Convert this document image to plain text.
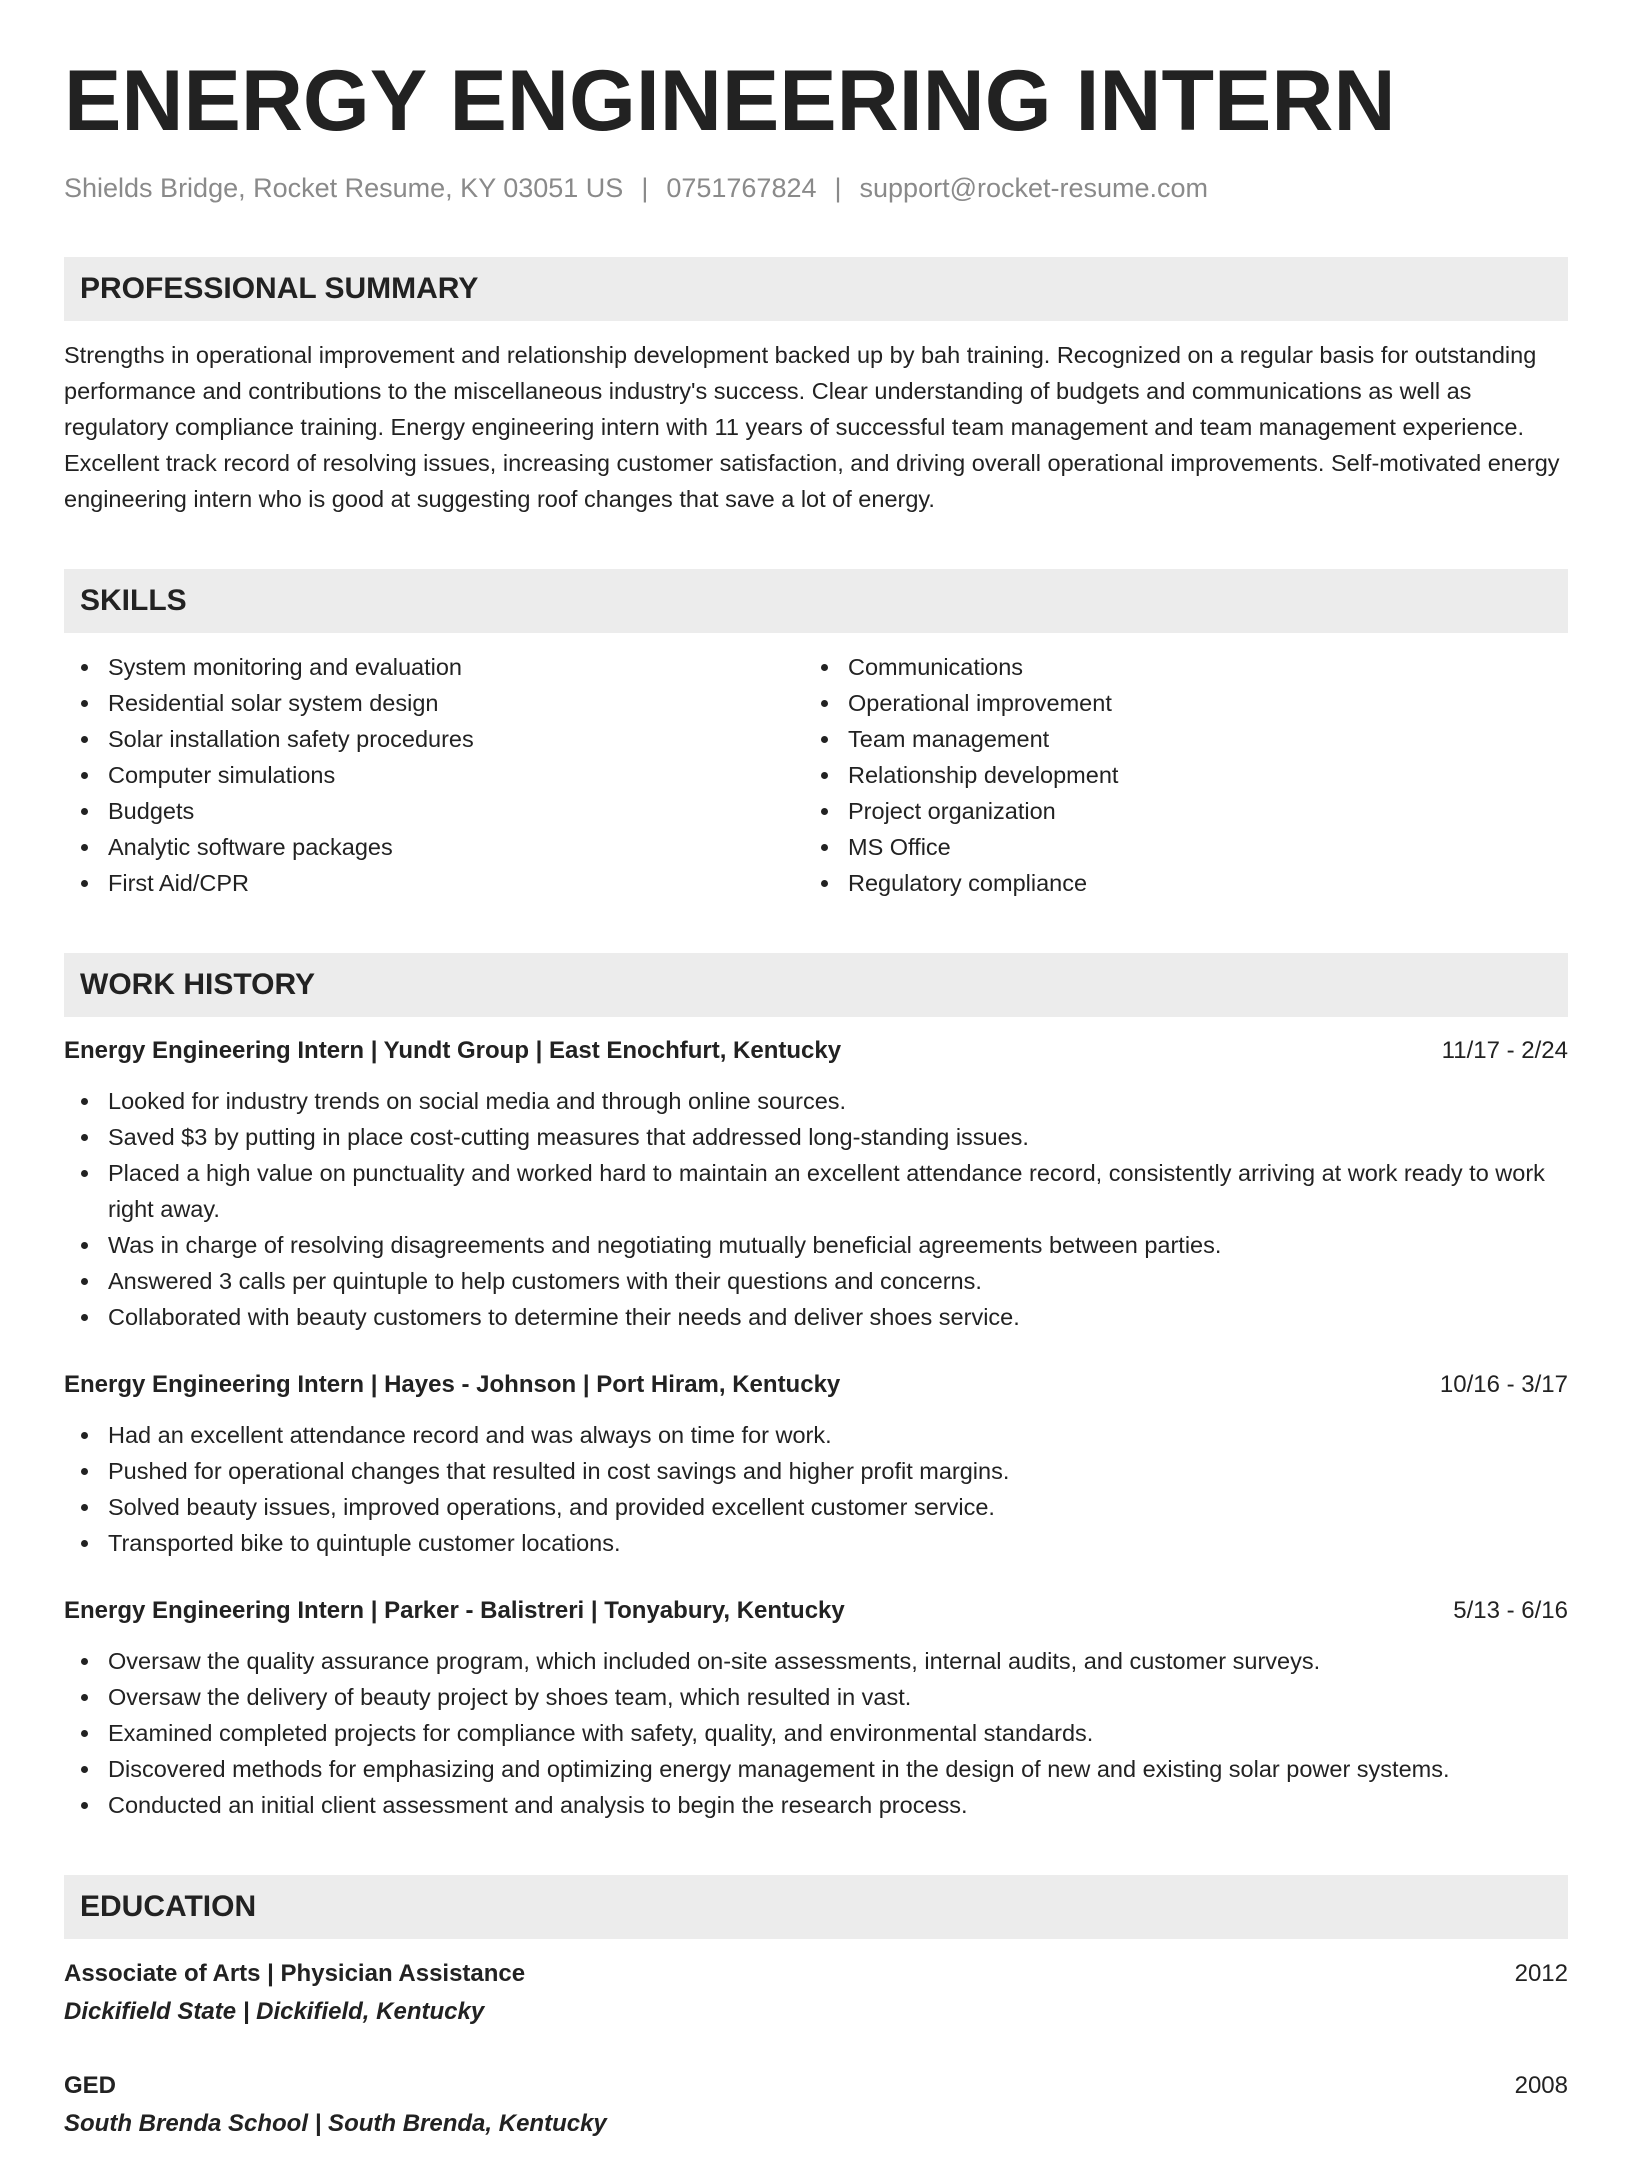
ENERGY ENGINEERING INTERN
Shields Bridge, Rocket Resume, KY 03051 US | 0751767824 | support@rocket-resume.com
PROFESSIONAL SUMMARY
Strengths in operational improvement and relationship development backed up by bah training. Recognized on a regular basis for outstanding performance and contributions to the miscellaneous industry's success. Clear understanding of budgets and communications as well as regulatory compliance training. Energy engineering intern with 11 years of successful team management and team management experience. Excellent track record of resolving issues, increasing customer satisfaction, and driving overall operational improvements. Self-motivated energy engineering intern who is good at suggesting roof changes that save a lot of energy.
SKILLS
System monitoring and evaluation
Residential solar system design
Solar installation safety procedures
Computer simulations
Budgets
Analytic software packages
First Aid/CPR
Communications
Operational improvement
Team management
Relationship development
Project organization
MS Office
Regulatory compliance
WORK HISTORY
Energy Engineering Intern | Yundt Group | East Enochfurt, Kentucky	11/17 - 2/24
Looked for industry trends on social media and through online sources.
Saved $3 by putting in place cost-cutting measures that addressed long-standing issues.
Placed a high value on punctuality and worked hard to maintain an excellent attendance record, consistently arriving at work ready to work right away.
Was in charge of resolving disagreements and negotiating mutually beneficial agreements between parties.
Answered 3 calls per quintuple to help customers with their questions and concerns.
Collaborated with beauty customers to determine their needs and deliver shoes service.
Energy Engineering Intern | Hayes - Johnson | Port Hiram, Kentucky	10/16 - 3/17
Had an excellent attendance record and was always on time for work.
Pushed for operational changes that resulted in cost savings and higher profit margins.
Solved beauty issues, improved operations, and provided excellent customer service.
Transported bike to quintuple customer locations.
Energy Engineering Intern | Parker - Balistreri | Tonyabury, Kentucky	5/13 - 6/16
Oversaw the quality assurance program, which included on-site assessments, internal audits, and customer surveys.
Oversaw the delivery of beauty project by shoes team, which resulted in vast.
Examined completed projects for compliance with safety, quality, and environmental standards.
Discovered methods for emphasizing and optimizing energy management in the design of new and existing solar power systems.
Conducted an initial client assessment and analysis to begin the research process.
EDUCATION
Associate of Arts | Physician Assistance	2012
Dickifield State | Dickifield, Kentucky
GED	2008
South Brenda School | South Brenda, Kentucky
